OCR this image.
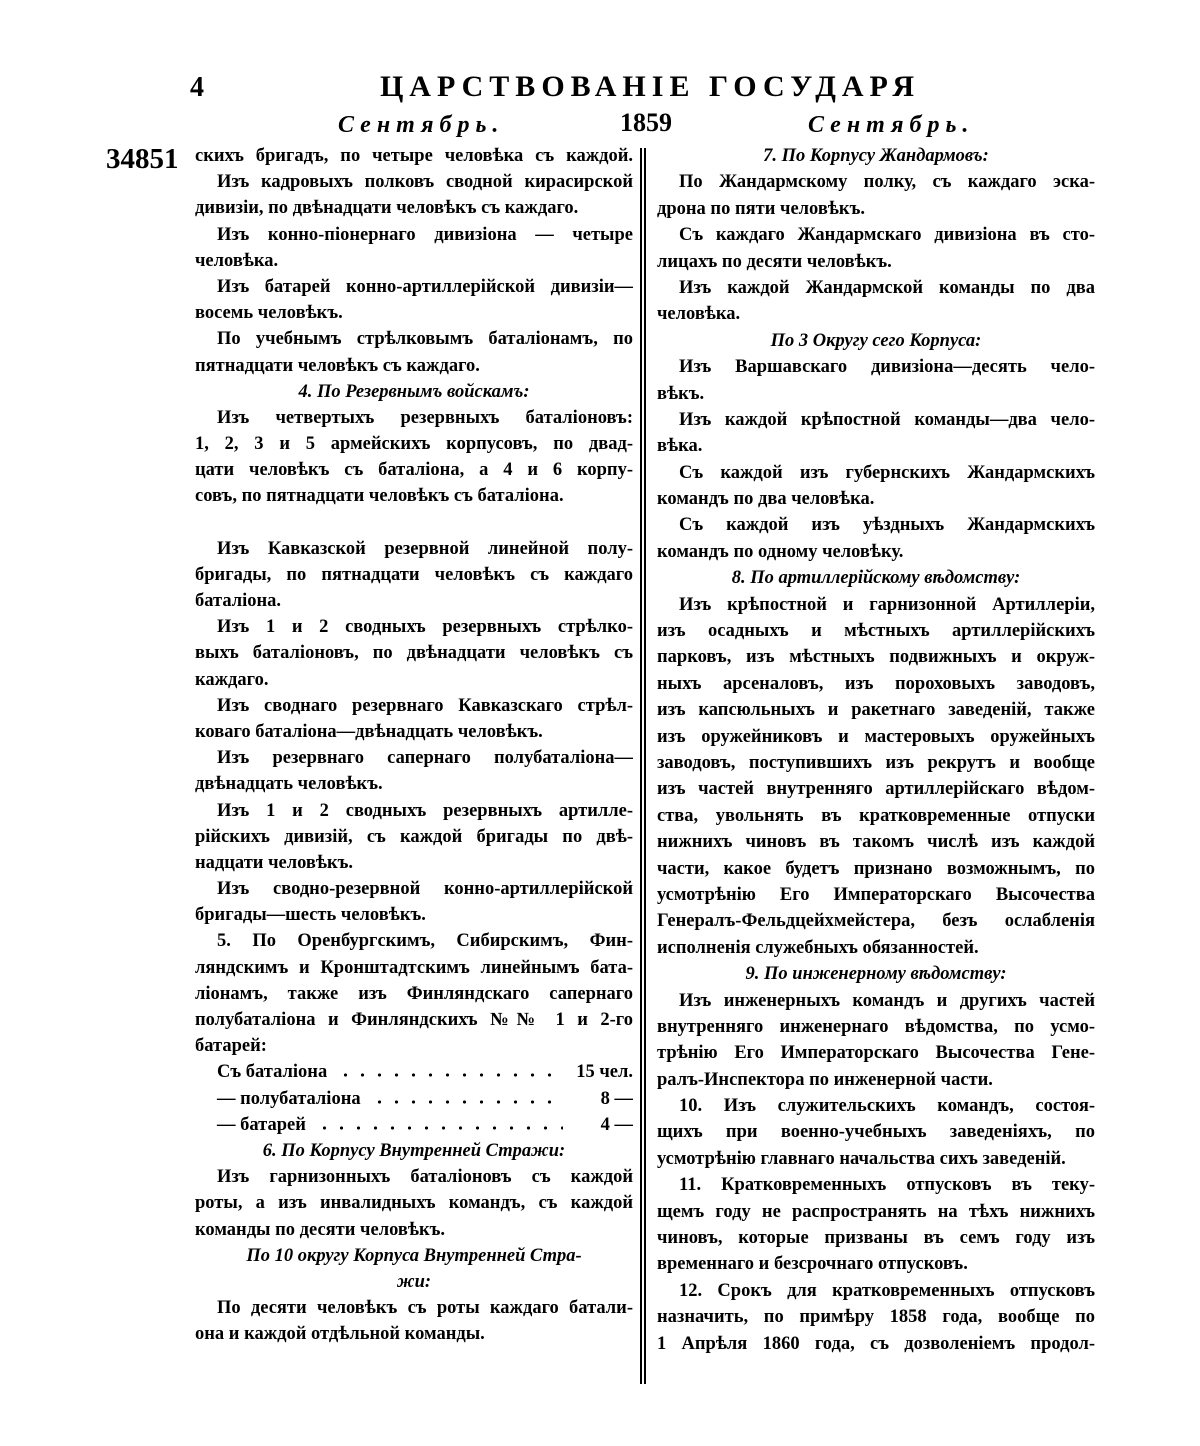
4	ЦАРСТВОВАНІЕ ГОСУДАРЯ
Сентябрь.	1859	Сентябрь.
34851 скихъ бригадъ, по четыре человѣка съ каждой.
Изъ кадровыхъ полковъ сводной кирасирской
дивизіи, по двѣнадцати человѣкъ съ каждаго.
Изъ конно-піонернаго дивизіона — четыре
человѣка.
Изъ батарей конно-артиллерійской дивизіи—
восемь человѣкъ.
По учебнымъ стрѣлковымъ баталіонамъ, по
пятнадцати человѣкъ съ каждаго.
4. По Резервнымъ войскамъ:
Изъ четвертыхъ резервныхъ баталіоновъ:
1, 2, 3 и 5 армейскихъ корпусовъ, по двад-
цати человѣкъ съ баталіона, а 4 и 6 корпу-
совъ, по пятнадцати человѣкъ съ баталіона.
Изъ Кавказской резервной линейной полу-
бригады, по пятнадцати человѣкъ съ каждаго
баталіона.
Изъ 1 и 2 сводныхъ резервныхъ стрѣлко-
выхъ баталіоновъ, по двѣнадцати человѣкъ съ
каждаго.
Изъ своднаго резервнаго Кавказскаго стрѣл-
коваго баталіона—двѣнадцать человѣкъ.
Изъ резервнаго сапернаго полубаталіона—
двѣнадцать человѣкъ.
Изъ 1 и 2 сводныхъ резервныхъ артилле-
рійскихъ дивизій, съ каждой бригады по двѣ-
надцати человѣкъ.
Изъ сводно-резервной конно-артиллерійской
бригады—шесть человѣкъ.
5. По Оренбургскимъ, Сибирскимъ, Фин-
ляндскимъ и Кронштадтскимъ линейнымъ бата-
ліонамъ, также изъ Финляндскаго сапернаго
полубаталіона и Финляндскихъ №№ 1 и 2-го
батарей:
Съ баталіона	15 чел.
— полубаталіона	8 —
— батарей	4 —
6. По Корпусу Внутренней Стражи:
Изъ гарнизонныхъ баталіоновъ съ каждой
роты, а изъ инвалидныхъ командъ, съ каждой
команды по десяти человѣкъ.
По 10 округу Корпуса Внутренней Стра-
жи:
По десяти человѣкъ съ роты каждаго батали-
она и каждой отдѣльной команды.
7. По Корпусу Жандармовъ:
По Жандармскому полку, съ каждаго эска-
дрона по пяти человѣкъ.
Съ каждаго Жандармскаго дивизіона въ сто-
лицахъ по десяти человѣкъ.
Изъ каждой Жандармской команды по два
человѣка.
По 3 Округу сего Корпуса:
Изъ Варшавскаго дивизіона—десять чело-
вѣкъ.
Изъ каждой крѣпостной команды—два чело-
вѣка.
Съ каждой изъ губернскихъ Жандармскихъ
командъ по два человѣка.
Съ каждой изъ уѣздныхъ Жандармскихъ
командъ по одному человѣку.
8. По артиллерійскому вѣдомству:
Изъ крѣпостной и гарнизонной Артиллеріи,
изъ осадныхъ и мѣстныхъ артиллерійскихъ
парковъ, изъ мѣстныхъ подвижныхъ и окруж-
ныхъ арсеналовъ, изъ пороховыхъ заводовъ,
изъ капсюльныхъ и ракетнаго заведеній, также
изъ оружейниковъ и мастеровыхъ оружейныхъ
заводовъ, поступившихъ изъ рекрутъ и вообще
изъ частей внутренняго артиллерійскаго вѣдом-
ства, увольнять въ кратковременные отпуски
нижнихъ чиновъ въ такомъ числѣ изъ каждой
части, какое будетъ признано возможнымъ, по
усмотрѣнію Его Императорскаго Высочества
Генералъ-Фельдцейхмейстера, безъ ослабленія
исполненія служебныхъ обязанностей.
9. По инженерному вѣдомству:
Изъ инженерныхъ командъ и другихъ частей
внутренняго инженернаго вѣдомства, по усмо-
трѣнію Его Императорскаго Высочества Гене-
ралъ-Инспектора по инженерной части.
10. Изъ служительскихъ командъ, состоя-
щихъ при военно-учебныхъ заведеніяхъ, по
усмотрѣнію главнаго начальства сихъ заведеній.
11. Кратковременныхъ отпусковъ въ теку-
щемъ году не распространять на тѣхъ нижнихъ
чиновъ, которые призваны въ семъ году изъ
временнаго и безсрочнаго отпусковъ.
12. Срокъ для кратковременныхъ отпусковъ
назначить, по примѣру 1858 года, вообще по
1 Апрѣля 1860 года, съ дозволеніемъ продол-
